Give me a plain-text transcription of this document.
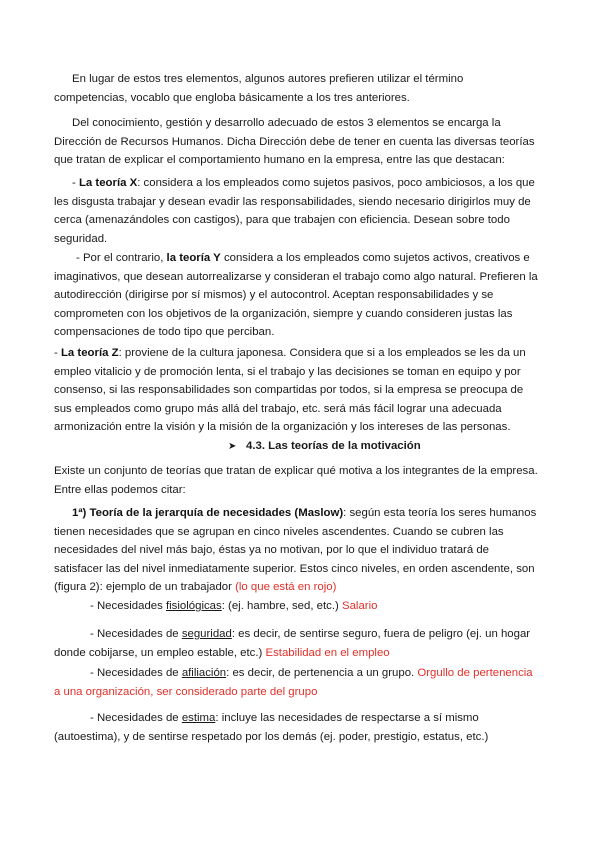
En lugar de estos tres elementos, algunos autores prefieren utilizar el término
competencias, vocablo que engloba básicamente a los tres anteriores.

Del conocimiento, gestión y desarrollo adecuado de estos 3 elementos se encarga la
Dirección de Recursos Humanos. Dicha Dirección debe de tener en cuenta las diversas teorías
que tratan de explicar el comportamiento humano en la empresa, entre las que destacan:

- La teoría X: considera a los empleados como sujetos pasivos, poco ambiciosos, a los que
les disgusta trabajar y desean evadir las responsabilidades, siendo necesario dirigirlos muy de
cerca (amenazándoles con castigos), para que trabajen con eficiencia. Desean sobre todo
seguridad.

- Por el contrario, la teoría Y considera a los empleados como sujetos activos, creativos e
imaginativos, que desean autorrealizarse y consideran el trabajo como algo natural. Prefieren la
autodirección (dirigirse por sí mismos) y el autocontrol. Aceptan responsabilidades y se
comprometen con los objetivos de la organización, siempre y cuando consideren justas las
compensaciones de todo tipo que perciban.

- La teoría Z: proviene de la cultura japonesa. Considera que si a los empleados se les da un
empleo vitalicio y de promoción lenta, si el trabajo y las decisiones se toman en equipo y por
consenso, si las responsabilidades son compartidas por todos, si la empresa se preocupa de
sus empleados como grupo más allá del trabajo, etc. será más fácil lograr una adecuada
armonización entre la visión y la misión de la organización y los intereses de las personas.

➤ 4.3. Las teorías de la motivación

Existe un conjunto de teorías que tratan de explicar qué motiva a los integrantes de la empresa.
Entre ellas podemos citar:

1ª) Teoría de la jerarquía de necesidades (Maslow): según esta teoría los seres humanos
tienen necesidades que se agrupan en cinco niveles ascendentes. Cuando se cubren las
necesidades del nivel más bajo, éstas ya no motivan, por lo que el individuo tratará de
satisfacer las del nivel inmediatamente superior. Estos cinco niveles, en orden ascendente, son
(figura 2): ejemplo de un trabajador (lo que está en rojo)

- Necesidades fisiológicas: (ej. hambre, sed, etc.) Salario

- Necesidades de seguridad: es decir, de sentirse seguro, fuera de peligro (ej. un hogar
donde cobijarse, un empleo estable, etc.) Estabilidad en el empleo

- Necesidades de afiliación: es decir, de pertenencia a un grupo. Orgullo de pertenencia
a una organización, ser considerado parte del grupo

- Necesidades de estima: incluye las necesidades de respectarse a sí mismo
(autoestima), y de sentirse respetado por los demás (ej. poder, prestigio, estatus, etc.)
